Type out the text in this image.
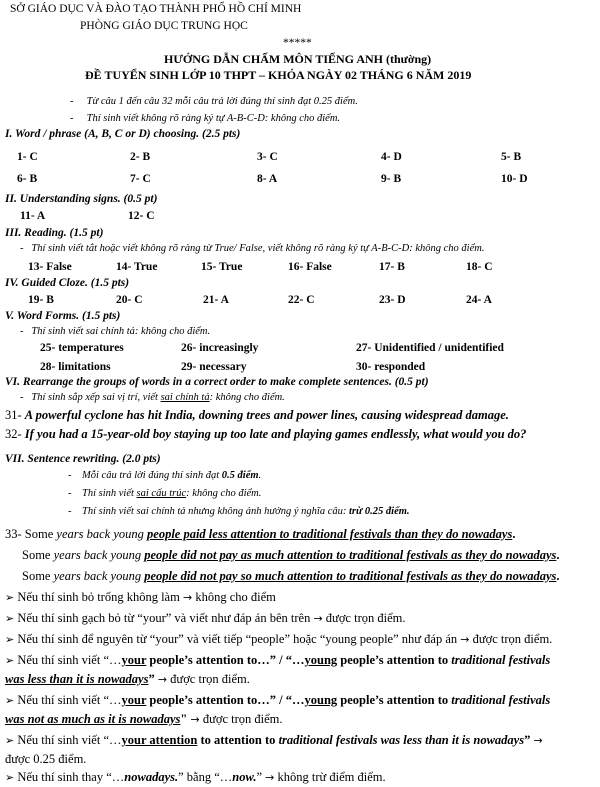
SỞ GIÁO DỤC VÀ ĐÀO TẠO THÀNH PHỐ HỒ CHÍ MINH
PHÒNG GIÁO DỤC TRUNG HỌC
*****
HƯỚNG DẪN CHẤM MÔN TIẾNG ANH (thường)
ĐỀ TUYỂN SINH LỚP 10 THPT – KHÓA NGÀY 02 THÁNG 6 NĂM 2019
-     Từ câu 1 đến câu 32 mỗi câu trả lời đúng thí sinh đạt 0.25 điểm.
-     Thí sinh viết không rõ ràng ký tự A-B-C-D: không cho điểm.
I. Word / phrase (A, B, C or D) choosing. (2.5 pts)
1- C	2- B	3- C	4- D	5- B
6- B	7- C	8- A	9- B	10- D
II. Understanding signs. (0.5 pt)
11- A	12- C
III. Reading. (1.5 pt)
-   Thí sinh viết tắt hoặc viết không rõ ràng từ True/ False, viết không rõ ràng ký tự A-B-C-D: không cho điểm.
13- False	14- True	15- True	16- False	17- B	18- C
IV. Guided Cloze. (1.5 pts)
19- B	20- C	21- A	22- C	23- D	24- A
V. Word Forms. (1.5 pts)
-   Thí sinh viết sai chính tả: không cho điểm.
25- temperatures	26- increasingly	27- Unidentified / unidentified
28- limitations	29- necessary	30- responded
VI. Rearrange the groups of words in a correct order to make complete sentences. (0.5 pt)
-   Thí sinh sắp xếp sai vị trí, viết sai chính tả: không cho điểm.
31- A powerful cyclone has hit India, downing trees and power lines, causing widespread damage.
32- If you had a 15-year-old boy staying up too late and playing games endlessly, what would you do?
VII. Sentence rewriting. (2.0 pts)
-    Mỗi câu trả lời đúng thí sinh đạt 0.5 điểm.
-    Thí sinh viết sai cấu trúc: không cho điểm.
-    Thí sinh viết sai chính tả nhưng không ảnh hưởng ý nghĩa câu: trừ 0.25 điểm.
33- Some years back young people paid less attention to traditional festivals than they do nowadays.
Some years back young people did not pay as much attention to traditional festivals as they do nowadays.
Some years back young people did not pay so much attention to traditional festivals as they do nowadays.
➢ Nếu thí sinh bỏ trống không làm → không cho điểm
➢ Nếu thí sinh gạch bỏ từ “your” và viết như đáp án bên trên → được trọn điểm.
➢ Nếu thí sinh để nguyên từ “your” và viết tiếp “people” hoặc “young people” như đáp án → được trọn điểm.
➢ Nếu thí sinh viết “…your people’s attention to…” / “…young people’s attention to traditional festivals
was less than it is nowadays” → được trọn điểm.
➢ Nếu thí sinh viết “…your people’s attention to…” / “…young people’s attention to traditional festivals
was not as much as it is nowadays" → được trọn điểm.
➢ Nếu thí sinh viết “…your attention to attention to traditional festivals was less than it is nowadays” →
được 0.25 điểm.
➢ Nếu thí sinh thay “…nowadays.” bằng “…now.” → không trừ điểm điểm.
